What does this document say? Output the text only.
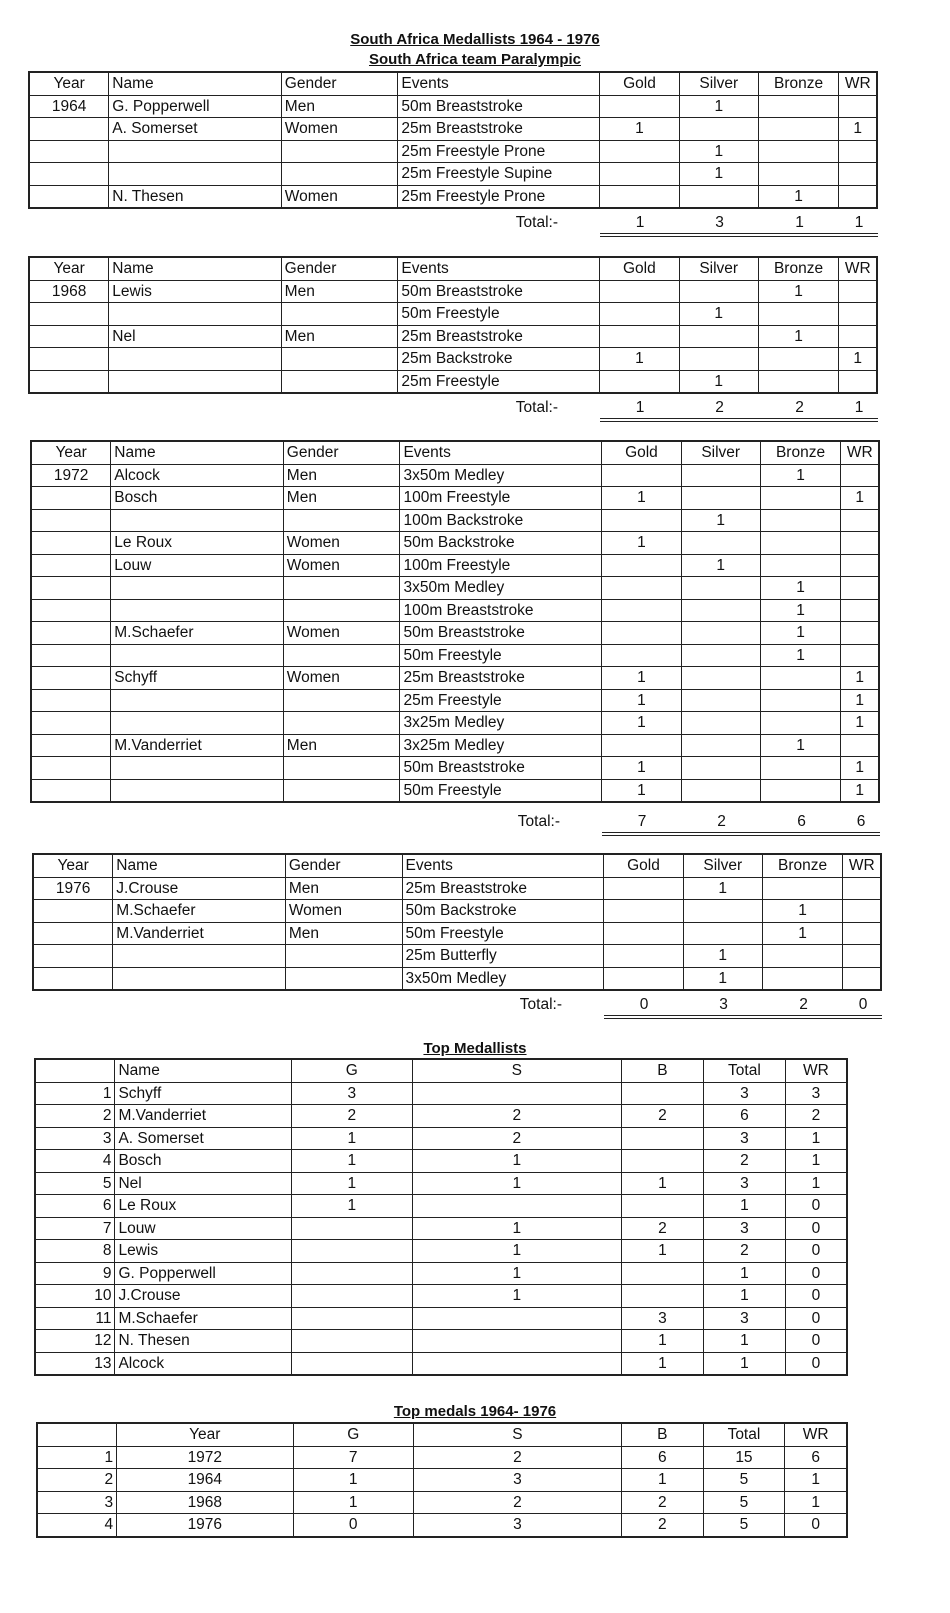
South Africa Medallists 1964 - 1976
South Africa team Paralympic
Year	Name	Gender	Events	Gold	Silver	Bronze	WR
1964	G. Popperwell	Men	50m Breaststroke		1		
	A. Somerset	Women	25m Breaststroke	1			1
			25m Freestyle Prone		1		
			25m Freestyle Supine		1		
	N. Thesen	Women	25m Freestyle Prone			1	
Total:-	1	3	1	1
Year	Name	Gender	Events	Gold	Silver	Bronze	WR
1968	Lewis	Men	50m Breaststroke			1	
			50m Freestyle		1		
	Nel	Men	25m Breaststroke			1	
			25m Backstroke	1			1
			25m Freestyle		1		
Total:-	1	2	2	1
Year	Name	Gender	Events	Gold	Silver	Bronze	WR
1972	Alcock	Men	3x50m Medley			1	
	Bosch	Men	100m Freestyle	1			1
			100m Backstroke		1		
	Le Roux	Women	50m Backstroke	1			
	Louw	Women	100m Freestyle		1		
			3x50m Medley			1	
			100m Breaststroke			1	
	M.Schaefer	Women	50m Breaststroke			1	
			50m Freestyle			1	
	Schyff	Women	25m Breaststroke	1			1
			25m Freestyle	1			1
			3x25m Medley	1			1
	M.Vanderriet	Men	3x25m Medley			1	
			50m Breaststroke	1			1
			50m Freestyle	1			1
Total:-	7	2	6	6
Year	Name	Gender	Events	Gold	Silver	Bronze	WR
1976	J.Crouse	Men	25m Breaststroke		1		
	M.Schaefer	Women	50m Backstroke			1	
	M.Vanderriet	Men	50m Freestyle			1	
			25m Butterfly		1		
			3x50m Medley		1		
Total:-	0	3	2	0
Top Medallists
	Name	G	S	B	Total	WR
1	Schyff	3			3	3
2	M.Vanderriet	2	2	2	6	2
3	A. Somerset	1	2		3	1
4	Bosch	1	1		2	1
5	Nel	1	1	1	3	1
6	Le Roux	1			1	0
7	Louw		1	2	3	0
8	Lewis		1	1	2	0
9	G. Popperwell		1		1	0
10	J.Crouse		1		1	0
11	M.Schaefer			3	3	0
12	N. Thesen			1	1	0
13	Alcock			1	1	0
Top medals 1964- 1976
	Year	G	S	B	Total	WR
1	1972	7	2	6	15	6
2	1964	1	3	1	5	1
3	1968	1	2	2	5	1
4	1976	0	3	2	5	0
